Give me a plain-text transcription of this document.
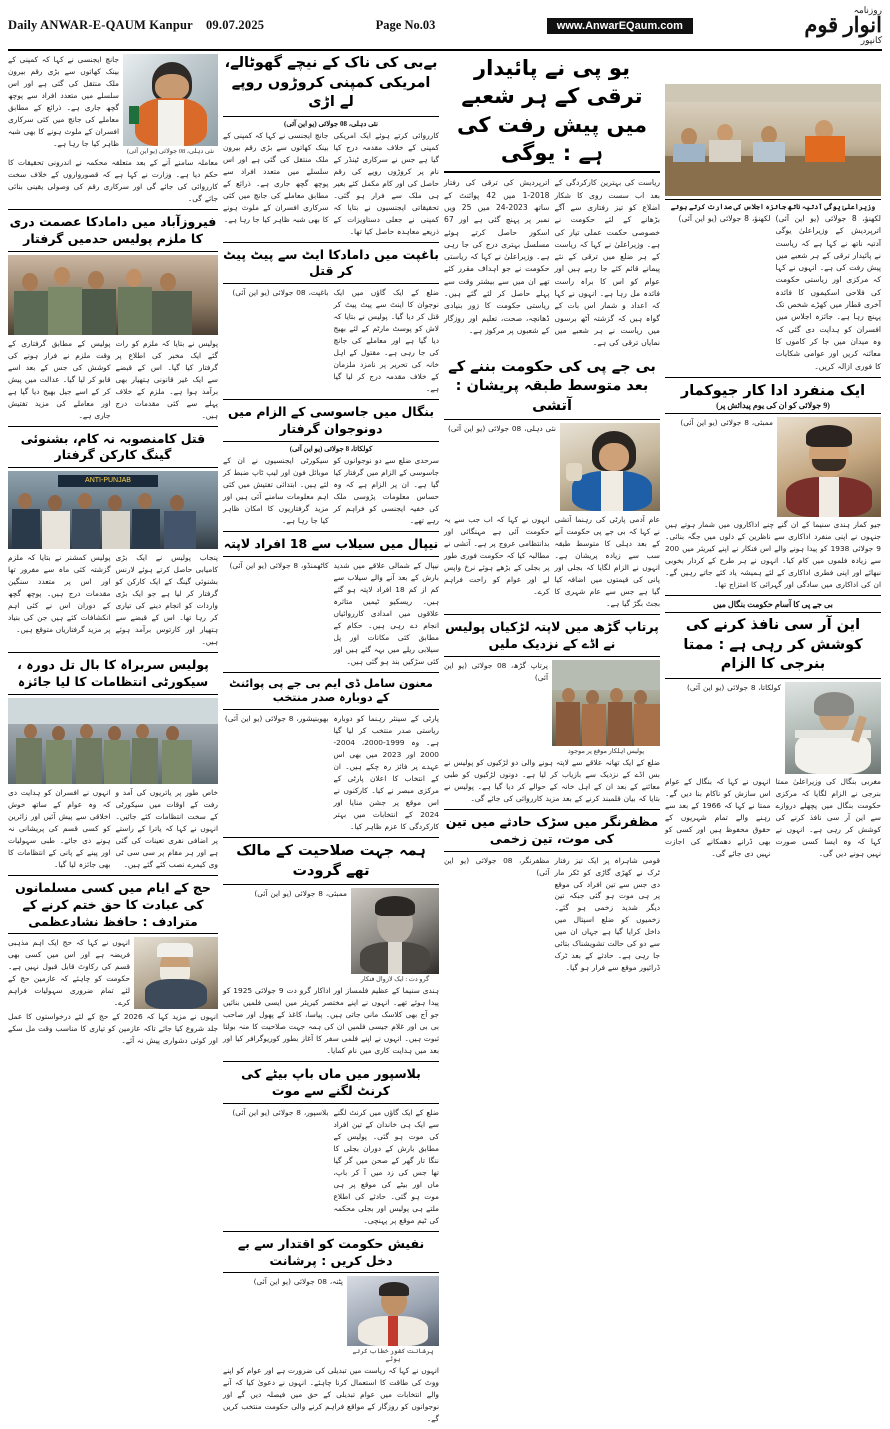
Daily ANWAR-E-QAUM Kanpur 09.07.2025	Page No.03	www.AnwarEQaum.com
روزنامہ
انوار قوم
کانپور
نئی دہلی، 08 جولائی (یو این آئی)
جانچ ایجنسی نے کہا کہ کمپنی کے بینک کھاتوں سے بڑی رقم بیرون ملک منتقل کی گئی ہے اور اس سلسلے میں متعدد افراد سے پوچھ گچھ جاری ہے۔ ذرائع کے مطابق معاملے کی جانچ میں کئی سرکاری افسران کے ملوث ہونے کا بھی شبہ ظاہر کیا جا رہا ہے۔
معاملہ سامنے آنے کے بعد متعلقہ محکمہ نے اندرونی تحقیقات کا حکم دیا ہے۔ وزارت نے کہا ہے کہ قصورواروں کے خلاف سخت کارروائی کی جائے گی اور سرکاری رقم کی وصولی یقینی بنائی جائے گی۔
فیروزآباد میں دامادکا عصمت دری کا ملزم پولیس حدمیں گرفتار
پولیس نے بتایا کہ ملزم کو رات گئے ایک مخبر کی اطلاع پر گرفتار کیا گیا۔ اس کے قبضے سے ایک غیر قانونی ہتھیار بھی برآمد ہوا ہے۔ ملزم کے خلاف پہلے سے کئی مقدمات درج ہیں۔
پولیس کے مطابق گرفتاری کے وقت ملزم نے فرار ہونے کی کوشش کی جس کے بعد اسے قابو کر لیا گیا۔ عدالت میں پیش کر کے اسے جیل بھیج دیا گیا ہے اور معاملے کی مزید تفتیش جاری ہے۔
قتل کامنصوبہ نہ کام، بشنوئی گینگ کارکن گرفتار
ANTI-PUNJAB
پنجاب پولیس نے ایک بڑی کامیابی حاصل کرتے ہوئے لارنس بشنوئی گینگ کے ایک کارکن کو گرفتار کر لیا ہے جو ایک بڑی واردات کو انجام دینے کی تیاری کر رہا تھا۔ اس کے قبضے سے ہتھیار اور کارتوس برآمد ہوئے ہیں۔
پولیس کمشنر نے بتایا کہ ملزم گزشتہ کئی ماہ سے مفرور تھا اور اس پر متعدد سنگین مقدمات درج ہیں۔ پوچھ گچھ کے دوران اس نے کئی اہم انکشافات کئے ہیں جن کی بنیاد پر مزید گرفتاریاں متوقع ہیں۔
پولیس سربراہ کا بال تل دورہ ، سیکورٹی انتظامات کا لیا جائزہ
خاص طور پر یاتریوں کی آمد و رفت کے اوقات میں سیکورٹی کے سخت انتظامات کئے جائیں۔ انہوں نے کہا کہ یاترا کے راستے پر اضافی نفری تعینات کی گئی ہے اور ہر مقام پر سی سی ٹی وی کیمرے نصب کئے گئے ہیں۔
انہوں نے افسران کو ہدایت دی کہ وہ عوام کے ساتھ خوش اخلاقی سے پیش آئیں اور زائرین کو کسی قسم کی پریشانی نہ ہونے دی جائے۔ طبی سہولیات اور پینے کے پانی کے انتظامات کا بھی جائزہ لیا گیا۔
حج کے ایام میں کسی مسلمانوں کی عبادت کا حق ختم کرنے کے مترادف : حافظ نشادعظمی
انہوں نے کہا کہ حج ایک اہم مذہبی فریضہ ہے اور اس میں کسی بھی قسم کی رکاوٹ قابل قبول نہیں ہے۔ حکومت کو چاہئے کہ عازمین حج کے لئے تمام ضروری سہولیات فراہم کرے۔
انہوں نے مزید کہا کہ 2026 کے حج کے لئے درخواستوں کا عمل جلد شروع کیا جائے تاکہ عازمین کو تیاری کا مناسب وقت مل سکے اور کوئی دشواری پیش نہ آئے۔
بےبی کی ناک کے نیچے گھوٹالے، امریکی کمپنی کروڑوں روپے لے اڑی
نئی دہلی، 08 جولائی (یو این آئی)
کارروائی کرتے ہوئے ایک امریکی کمپنی کے خلاف مقدمہ درج کیا گیا ہے جس نے سرکاری ٹینڈر کے نام پر کروڑوں روپے کی رقم حاصل کی اور کام مکمل کئے بغیر ہی ملک سے فرار ہو گئی۔ تحقیقاتی ایجنسیوں نے بتایا کہ کمپنی نے جعلی دستاویزات کے ذریعے معاہدہ حاصل کیا تھا۔
جانچ ایجنسی نے کہا کہ کمپنی کے بینک کھاتوں سے بڑی رقم بیرون ملک منتقل کی گئی ہے اور اس سلسلے میں متعدد افراد سے پوچھ گچھ جاری ہے۔ ذرائع کے مطابق معاملے کی جانچ میں کئی سرکاری افسران کے ملوث ہونے کا بھی شبہ ظاہر کیا جا رہا ہے۔
باغپت میں دامادکا ایٹ سے پیٹ پیٹ کر قتل
ضلع کے ایک گاؤں میں ایک نوجوان کا اینٹ سے پیٹ پیٹ کر قتل کر دیا گیا۔ پولیس نے بتایا کہ لاش کو پوسٹ مارٹم کے لئے بھیج دیا گیا ہے اور معاملے کی جانچ کی جا رہی ہے۔ مقتول کے اہل خانہ کی تحریر پر نامزد ملزمان کے خلاف مقدمہ درج کر لیا گیا ہے۔
باغپت، 08 جولائی (یو این آئی)
بنگال میں جاسوسی کے الزام میں دونوجوان گرفتار
کولکاتا، 8 جولائی (یو این آئی)
سرحدی ضلع سے دو نوجوانوں کو جاسوسی کے الزام میں گرفتار کیا گیا ہے۔ ان پر الزام ہے کہ وہ حساس معلومات پڑوسی ملک کی خفیہ ایجنسی کو فراہم کر رہے تھے۔
سیکورٹی ایجنسیوں نے ان کے موبائل فون اور لیپ ٹاپ ضبط کر لئے ہیں۔ ابتدائی تفتیش میں کئی اہم معلومات سامنے آئی ہیں اور مزید گرفتاریوں کا امکان ظاہر کیا جا رہا ہے۔
نیپال میں سیلاب سے 18 افراد لاپتہ
نیپال کے شمالی علاقے میں شدید بارش کے بعد آنے والے سیلاب سے کم از کم 18 افراد لاپتہ ہو گئے ہیں۔ ریسکیو ٹیمیں متاثرہ علاقوں میں امدادی کارروائیاں انجام دے رہی ہیں۔ حکام کے مطابق کئی مکانات اور پل سیلابی ریلے میں بہہ گئے ہیں اور کئی سڑکیں بند ہو گئی ہیں۔
کاٹھمنڈو، 8 جولائی (یو این آئی)
معنون سامل ڈی ایم بی جے پی پوائنٹ کے دوبارہ صدر منتخب
پارٹی کے سینئر رہنما کو دوبارہ ریاستی صدر منتخب کر لیا گیا ہے۔ وہ 1999-2000، 2004-2000 اور 2023 میں بھی اس عہدے پر فائز رہ چکے ہیں۔ ان کے انتخاب کا اعلان پارٹی کے مرکزی مبصر نے کیا۔ کارکنوں نے اس موقع پر جشن منایا اور 2024 کے انتخابات میں بہتر کارکردگی کا عزم ظاہر کیا۔
بھوبنیشور، 8 جولائی (یو این آئی)
ہمہ جہت صلاحیت کے مالک تھے گرودت
گرو دت : ایک لازوال فنکار
ممبئی، 8 جولائی (یو این آئی)
ہندی سنیما کے عظیم فلمساز اور اداکار گرو دت 9 جولائی 1925 کو پیدا ہوئے تھے۔ انہوں نے اپنے مختصر کیریئر میں ایسی فلمیں بنائیں جو آج بھی کلاسک مانی جاتی ہیں۔ پیاسا، کاغذ کے پھول اور صاحب بی بی اور غلام جیسی فلمیں ان کی ہمہ جہت صلاحیت کا منہ بولتا ثبوت ہیں۔ انہوں نے اپنے فلمی سفر کا آغاز بطور کوریوگرافر کیا اور بعد میں ہدایت کاری میں نام کمایا۔
بلاسپور میں ماں باپ بیٹے کی کرنٹ لگنے سے موت
ضلع کے ایک گاؤں میں کرنٹ لگنے سے ایک ہی خاندان کے تین افراد کی موت ہو گئی۔ پولیس کے مطابق بارش کے دوران بجلی کا ننگا تار گھر کے صحن میں گر گیا تھا جس کی زد میں آ کر باپ، ماں اور بیٹے کی موقع پر ہی موت ہو گئی۔ حادثے کی اطلاع ملتے ہی پولیس اور بجلی محکمہ کی ٹیم موقع پر پہنچی۔
بلاسپور، 8 جولائی (یو این آئی)
نفیش حکومت کو اقتدار سے بے دخل کریں : پرشانت
پرشانت کشور خطاب کرتے ہوئے
پٹنہ، 08 جولائی (یو این آئی)
انہوں نے کہا کہ ریاست میں تبدیلی کی ضرورت ہے اور عوام کو اپنے ووٹ کی طاقت کا استعمال کرنا چاہئے۔ انہوں نے دعویٰ کیا کہ آنے والے انتخابات میں عوام تبدیلی کے حق میں فیصلہ دیں گے اور نوجوانوں کو روزگار کے مواقع فراہم کرنے والی حکومت منتخب کریں گے۔
یو پی نے پائیدار ترقی کے ہر شعبے میں پیش رفت کی ہے : یوگی
ریاست کی بہترین کارکردگی کے بعد اب سست روی کا شکار اضلاع کو تیز رفتاری سے آگے بڑھانے کے لئے حکومت نے خصوصی حکمت عملی تیار کی ہے۔ وزیراعلیٰ نے کہا کہ ریاست کے ہر ضلع میں ترقی کے نئے پیمانے قائم کئے جا رہے ہیں اور عوام کو اس کا براہ راست فائدہ مل رہا ہے۔ انہوں نے کہا کہ اعداد و شمار اس بات کے گواہ ہیں کہ گزشتہ آٹھ برسوں میں ریاست نے ہر شعبے میں نمایاں ترقی کی ہے۔
اترپردیش کی ترقی کی رفتار 2018-1 میں 42 پوائنٹ کے ساتھ 2023-24 میں 25 ویں نمبر پر پہنچ گئی ہے اور 67 اسکور حاصل کرتے ہوئے مسلسل بہتری درج کی جا رہی ہے۔ وزیراعلیٰ نے کہا کہ ریاستی حکومت نے جو اہداف مقرر کئے تھے ان میں سے بیشتر وقت سے پہلے حاصل کر لئے گئے ہیں۔ ریاستی حکومت کا زور بنیادی ڈھانچہ، صحت، تعلیم اور روزگار کے شعبوں پر مرکوز ہے۔
بی جے پی کی حکومت بننے کے بعد متوسط طبقہ پریشان : آتشی
نئی دہلی، 08 جولائی (یو این آئی)
عام آدمی پارٹی کی رہنما آتشی نے کہا کہ بی جے پی حکومت آنے کے بعد دہلی کا متوسط طبقہ سب سے زیادہ پریشان ہے۔ انہوں نے الزام لگایا کہ بجلی اور پانی کی قیمتوں میں اضافہ کیا گیا ہے جس سے عام شہری کا بجٹ بگڑ گیا ہے۔
انہوں نے کہا کہ اب جب سے یہ حکومت آئی ہے مہنگائی اور بدانتظامی عروج پر ہے۔ آتشی نے مطالبہ کیا کہ حکومت فوری طور پر بجلی کے بڑھے ہوئے نرخ واپس لے اور عوام کو راحت فراہم کرے۔
پرتاپ گڑھ میں لاپتہ لڑکیاں پولیس نے اڈے کے نزدیک ملیں
پولیس اہلکار موقع پر موجود
پرتاپ گڑھ، 08 جولائی (یو این آئی)
ضلع کے ایک تھانہ علاقے سے لاپتہ ہونے والی دو لڑکیوں کو پولیس نے بس اڈے کے نزدیک سے بازیاب کر لیا ہے۔ دونوں لڑکیوں کو طبی معائنے کے بعد ان کے اہل خانہ کے حوالے کر دیا گیا ہے۔ پولیس نے بتایا کہ بیان قلمبند کرنے کے بعد مزید کارروائی کی جائے گی۔
مظفرنگر میں سڑک حادثے میں تین کی موت، تین زخمی
قومی شاہراہ پر ایک تیز رفتار ٹرک نے کھڑی گاڑی کو ٹکر مار دی جس سے تین افراد کی موقع پر ہی موت ہو گئی جبکہ تین دیگر شدید زخمی ہو گئے۔ زخمیوں کو ضلع اسپتال میں داخل کرایا گیا ہے جہاں ان میں سے دو کی حالت تشویشناک بتائی جا رہی ہے۔ حادثے کے بعد ٹرک ڈرائیور موقع سے فرار ہو گیا۔
مظفرنگر، 08 جولائی (یو این آئی)
وزیراعلیٰ یوگی آدتیہ ناتھ جائزہ اجلاس کی صدارت کرتے ہوئے
لکھنؤ، 8 جولائی (یو این آئی) اترپردیش کے وزیراعلیٰ یوگی آدتیہ ناتھ نے کہا ہے کہ ریاست نے پائیدار ترقی کے ہر شعبے میں پیش رفت کی ہے۔ انہوں نے کہا کہ مرکزی اور ریاستی حکومت کی فلاحی اسکیموں کا فائدہ آخری قطار میں کھڑے شخص تک پہنچ رہا ہے۔ جائزہ اجلاس میں افسران کو ہدایت دی گئی کہ وہ میدان میں جا کر کاموں کا معائنہ کریں اور عوامی شکایات کا فوری ازالہ کریں۔
لکھنؤ، 8 جولائی (یو این آئی)
ایک منفرد ادا کار جیوکمار
(9 جولائی کو ان کی یوم پیدائش پر)
ممبئی، 8 جولائی (یو این آئی)
جیو کمار ہندی سنیما کے ان گنے چنے اداکاروں میں شمار ہوتے ہیں جنہوں نے اپنی منفرد اداکاری سے ناظرین کے دلوں میں جگہ بنائی۔ 9 جولائی 1938 کو پیدا ہونے والے اس فنکار نے اپنے کیریئر میں 200 سے زیادہ فلموں میں کام کیا۔ انہوں نے ہر طرح کے کردار بخوبی نبھائے اور اپنی فطری اداکاری کے لئے ہمیشہ یاد کئے جاتے رہیں گے۔ ان کی اداکاری میں سادگی اور گہرائی کا امتزاج تھا۔
بی جے پی کا آسام حکومت بنگال میں
این آر سی نافذ کرنے کی کوشش کر رہی ہے : ممتا بنرجی کا الزام
کولکاتا، 8 جولائی (یو این آئی)
مغربی بنگال کی وزیراعلیٰ ممتا بنرجی نے الزام لگایا کہ مرکزی حکومت بنگال میں پچھلے دروازے سے این آر سی نافذ کرنے کی کوشش کر رہی ہے۔ انہوں نے کہا کہ وہ ایسا کسی صورت نہیں ہونے دیں گی۔
انہوں نے کہا کہ بنگال کے عوام اس سازش کو ناکام بنا دیں گے۔ ممتا نے کہا کہ 1966 کے بعد سے رہنے والے تمام شہریوں کے حقوق محفوظ ہیں اور کسی کو بھی ڈرانے دھمکانے کی اجازت نہیں دی جائے گی۔
